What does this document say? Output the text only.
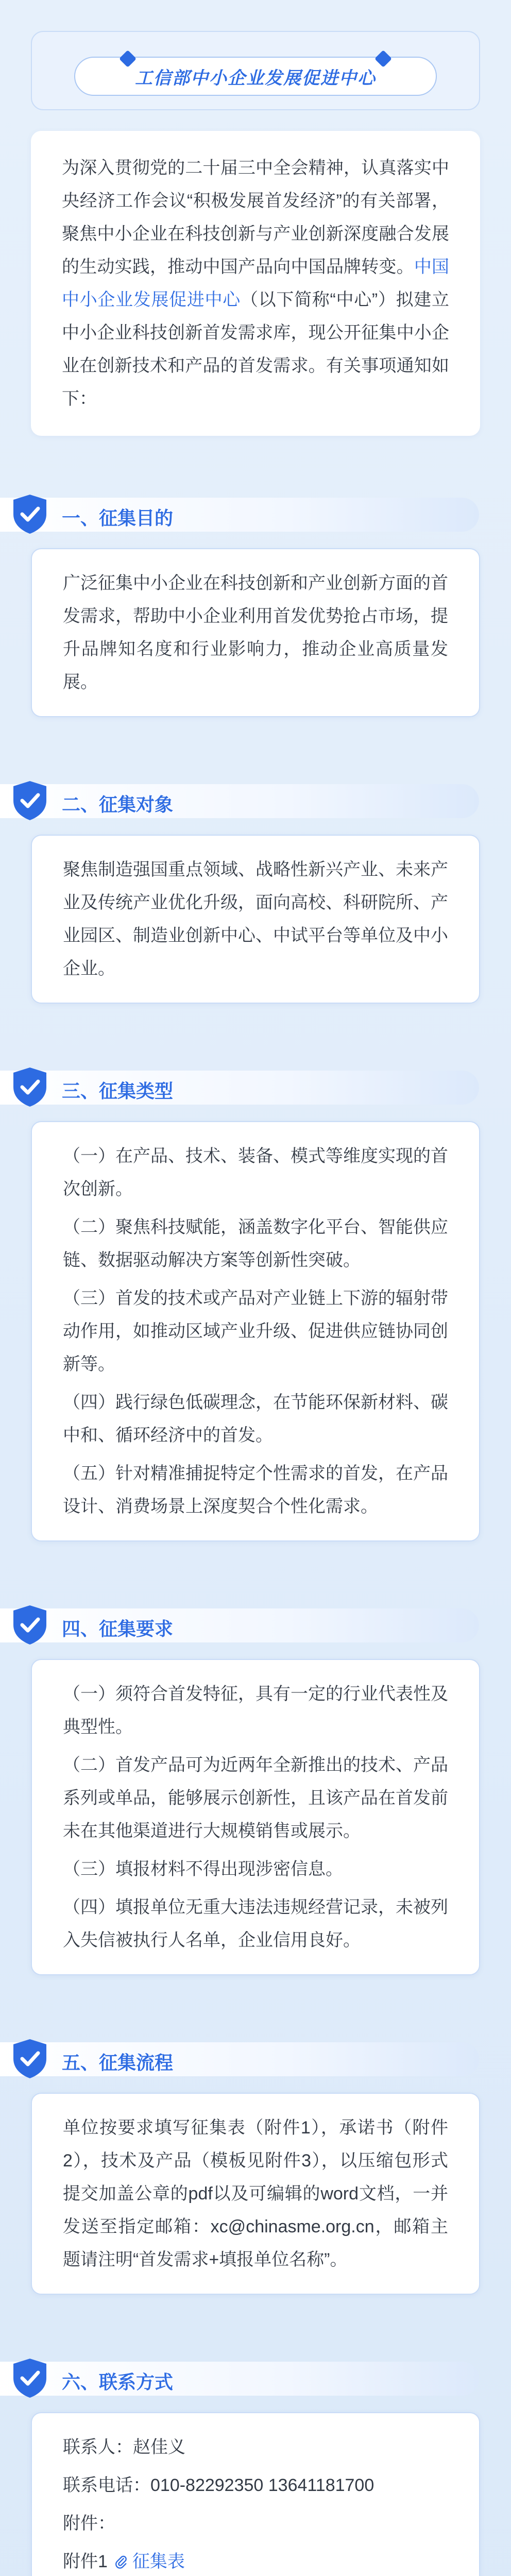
工信部中小企业发展促进中心
为深入贯彻党的二十届三中全会精神，认真落实中央经济工作会议“积极发展首发经济”的有关部署，聚焦中小企业在科技创新与产业创新深度融合发展的生动实践，推动中国产品向中国品牌转变。中国中小企业发展促进中心（以下简称“中心”）拟建立中小企业科技创新首发需求库，现公开征集中小企业在创新技术和产品的首发需求。有关事项通知如下：
一、征集目的

广泛征集中小企业在科技创新和产业创新方面的首发需求，帮助中小企业利用首发优势抢占市场，提升品牌知名度和行业影响力，推动企业高质量发展。

二、征集对象

聚焦制造强国重点领域、战略性新兴产业、未来产业及传统产业优化升级，面向高校、科研院所、产业园区、制造业创新中心、中试平台等单位及中小企业。

三、征集类型

（一）在产品、技术、装备、模式等维度实现的首次创新。

（二）聚焦科技赋能，涵盖数字化平台、智能供应链、数据驱动解决方案等创新性突破。

（三）首发的技术或产品对产业链上下游的辐射带动作用，如推动区域产业升级、促进供应链协同创新等。

（四）践行绿色低碳理念，在节能环保新材料、碳中和、循环经济中的首发。

（五）针对精准捕捉特定个性需求的首发，在产品设计、消费场景上深度契合个性化需求。

四、征集要求

（一）须符合首发特征，具有一定的行业代表性及典型性。

（二）首发产品可为近两年全新推出的技术、产品系列或单品，能够展示创新性，且该产品在首发前未在其他渠道进行大规模销售或展示。

（三）填报材料不得出现涉密信息。

（四）填报单位无重大违法违规经营记录，未被列入失信被执行人名单，企业信用良好。

五、征集流程

单位按要求填写征集表（附件1），承诺书（附件2），技术及产品（模板见附件3），以压缩包形式提交加盖公章的pdf以及可编辑的word文档，一并发送至指定邮箱：xc@chinasme.org.cn，邮箱主题请注明“首发需求+填报单位名称”。

六、联系方式

联系人：赵佳义

联系电话：010-82292350 13641181700

附件：

附件1 征集表
